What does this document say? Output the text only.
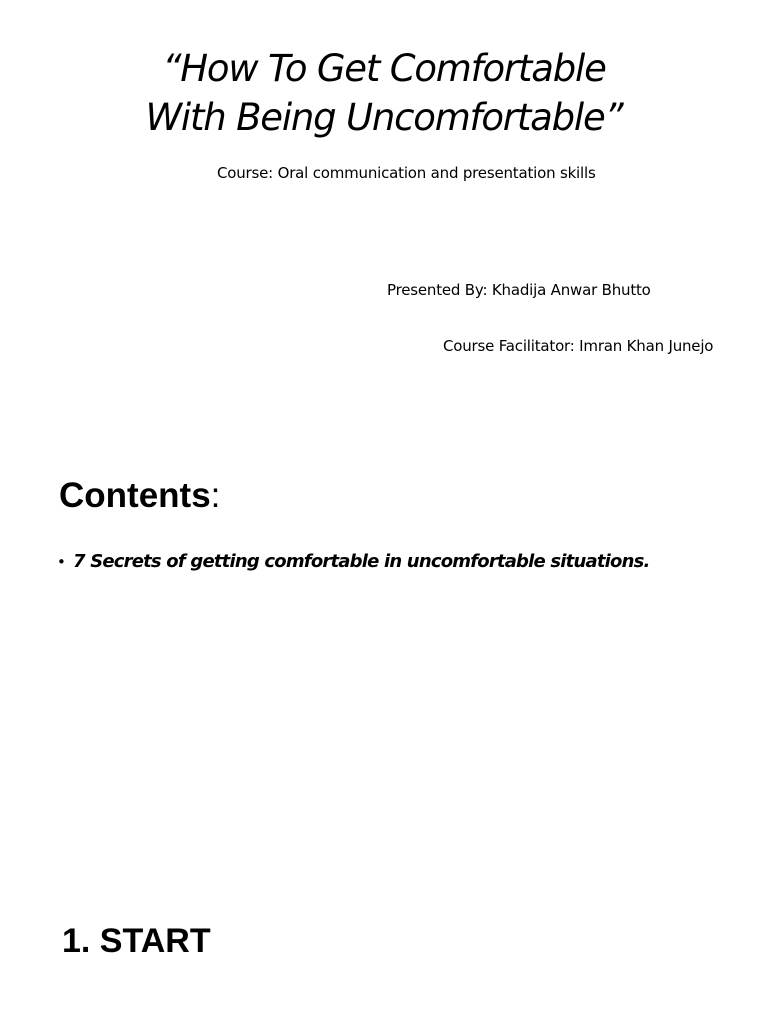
“How To Get Comfortable
With Being Uncomfortable”
Course: Oral communication and presentation skills
Presented By: Khadija Anwar Bhutto
Course Facilitator: Imran Khan Junejo
Contents:
• 7 Secrets of getting comfortable in uncomfortable situations.
1. START
